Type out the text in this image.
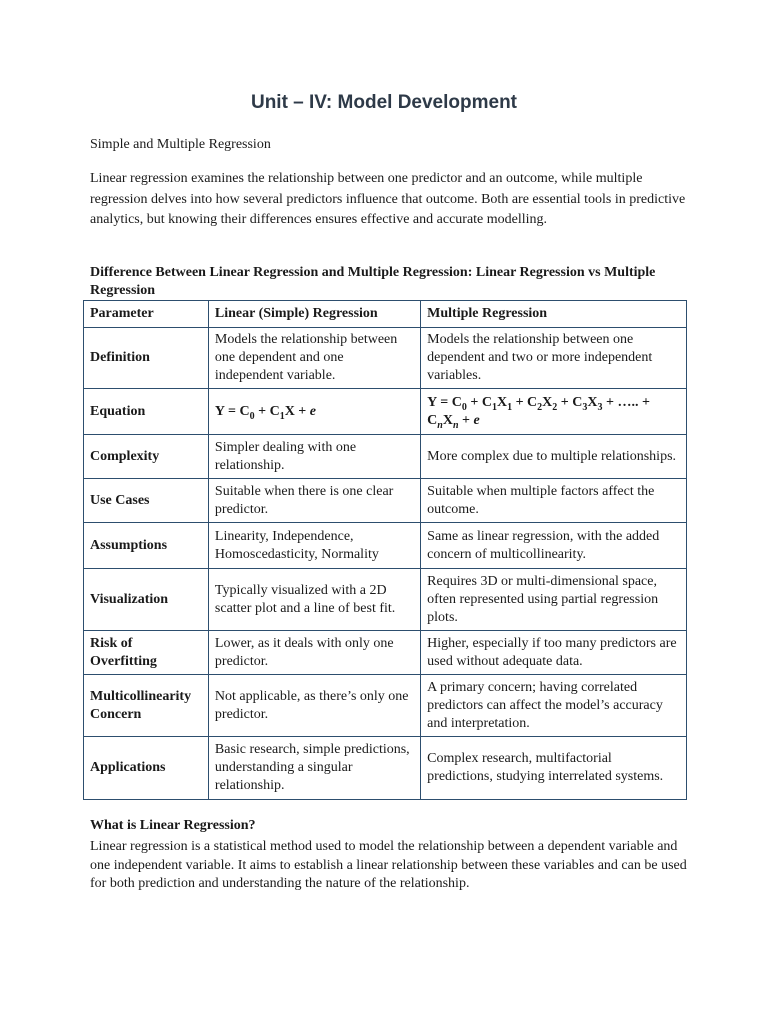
Unit – IV: Model Development

Simple and Multiple Regression

Linear regression examines the relationship between one predictor and an outcome, while multiple regression delves into how several predictors influence that outcome. Both are essential tools in predictive analytics, but knowing their differences ensures effective and accurate modelling.

Difference Between Linear Regression and Multiple Regression: Linear Regression vs Multiple Regression

Parameter	Linear (Simple) Regression	Multiple Regression
Definition	Models the relationship between one dependent and one independent variable.	Models the relationship between one dependent and two or more independent variables.
Equation	$Y = C_0 + C_1X + e$	$Y = C_0 + C_1X_1 + C_2X_2 + C_3X_3$ + ….. + $C_nX_n + e$
Complexity	Simpler dealing with one relationship.	More complex due to multiple relationships.
Use Cases	Suitable when there is one clear predictor.	Suitable when multiple factors affect the outcome.
Assumptions	Linearity, Independence, Homoscedasticity, Normality	Same as linear regression, with the added concern of multicollinearity.
Visualization	Typically visualized with a 2D scatter plot and a line of best fit.	Requires 3D or multi-dimensional space, often represented using partial regression plots.
Risk of Overfitting	Lower, as it deals with only one predictor.	Higher, especially if too many predictors are used without adequate data.
Multicollinearity Concern	Not applicable, as there’s only one predictor.	A primary concern; having correlated predictors can affect the model’s accuracy and interpretation.
Applications	Basic research, simple predictions, understanding a singular relationship.	Complex research, multifactorial predictions, studying interrelated systems.

What is Linear Regression?

Linear regression is a statistical method used to model the relationship between a dependent variable and one independent variable. It aims to establish a linear relationship between these variables and can be used for both prediction and understanding the nature of the relationship.
